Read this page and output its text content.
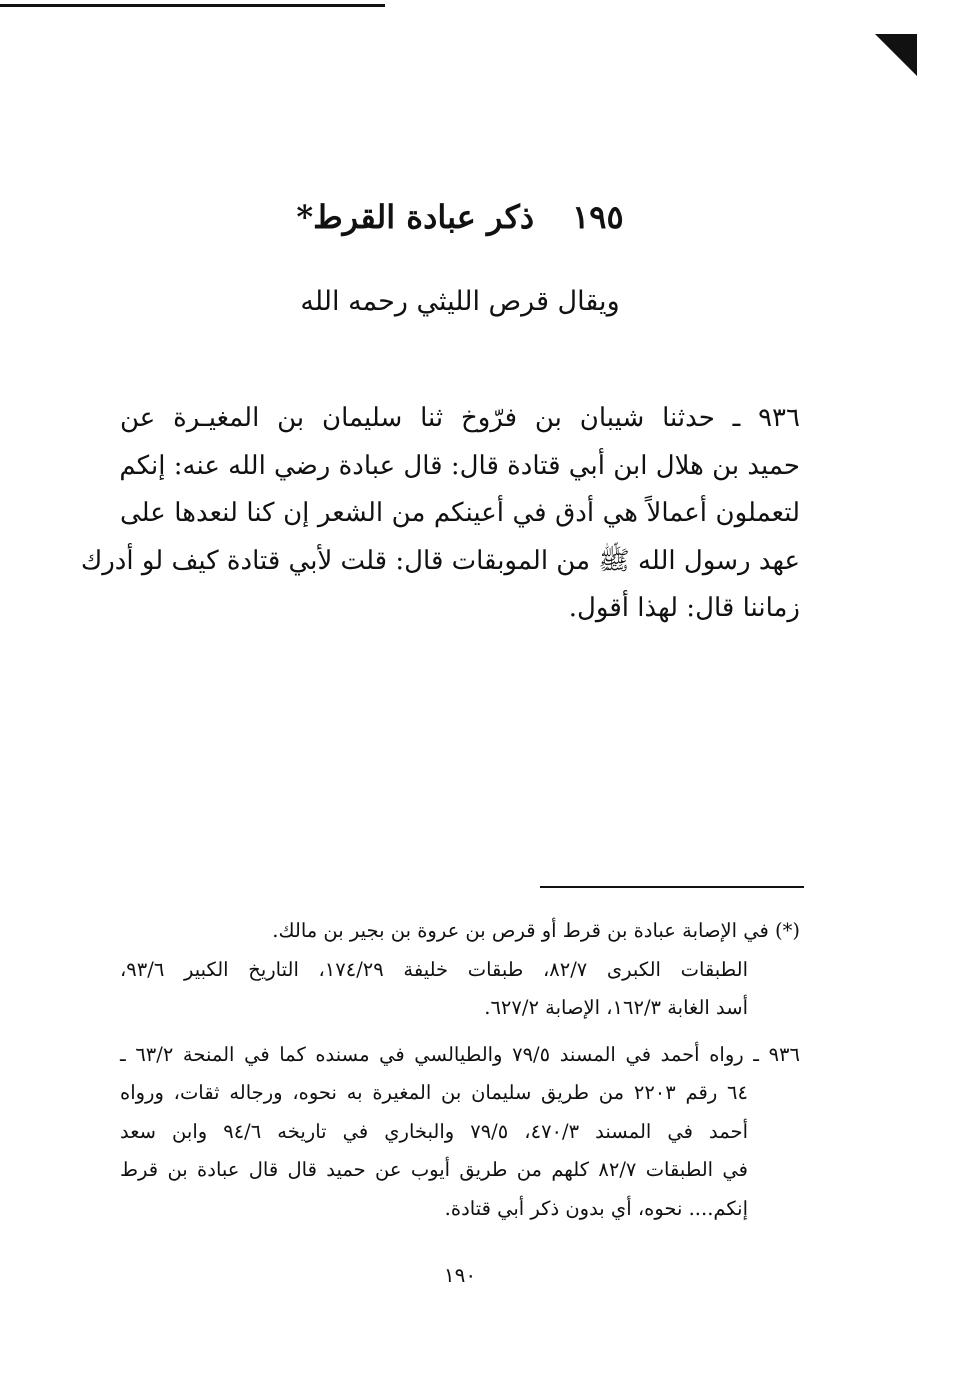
١٩٥ذكر عبادة القرط*
ويقال قرص الليثي رحمه الله
٩٣٦ ـ حدثنا شيبان بن فرّوخ ثنا سليمان بن المغيـرة عن
حميد بن هلال ابن أبي قتادة قال: قال عبادة رضي الله عنه: إنكم
لتعملون أعمالاً هي أدق في أعينكم من الشعر إن كنا لنعدها على
عهد رسول الله ﷺ من الموبقات قال: قلت لأبي قتادة كيف لو أدرك
زماننا قال: لهذا أقول.
(*) في الإصابة عبادة بن قرط أو قرص بن عروة بن بجير بن مالك.
الطبقات الكبرى ٨٢/٧، طبقات خليفة ١٧٤/٢٩، التاريخ الكبير ٩٣/٦،
أسد الغابة ١٦٢/٣، الإصابة ٦٢٧/٢.
٩٣٦ ـ رواه أحمد في المسند ٧٩/٥ والطيالسي في مسنده كما في المنحة ٦٣/٢ ـ
٦٤ رقم ٢٢٠٣ من طريق سليمان بن المغيرة به نحوه، ورجاله ثقات، ورواه
أحمد في المسند ٤٧٠/٣، ٧٩/٥ والبخاري في تاريخه ٩٤/٦ وابن سعد
في الطبقات ٨٢/٧ كلهم من طريق أيوب عن حميد قال قال عبادة بن قرط
إنكم.... نحوه، أي بدون ذكر أبي قتادة.
١٩٠
